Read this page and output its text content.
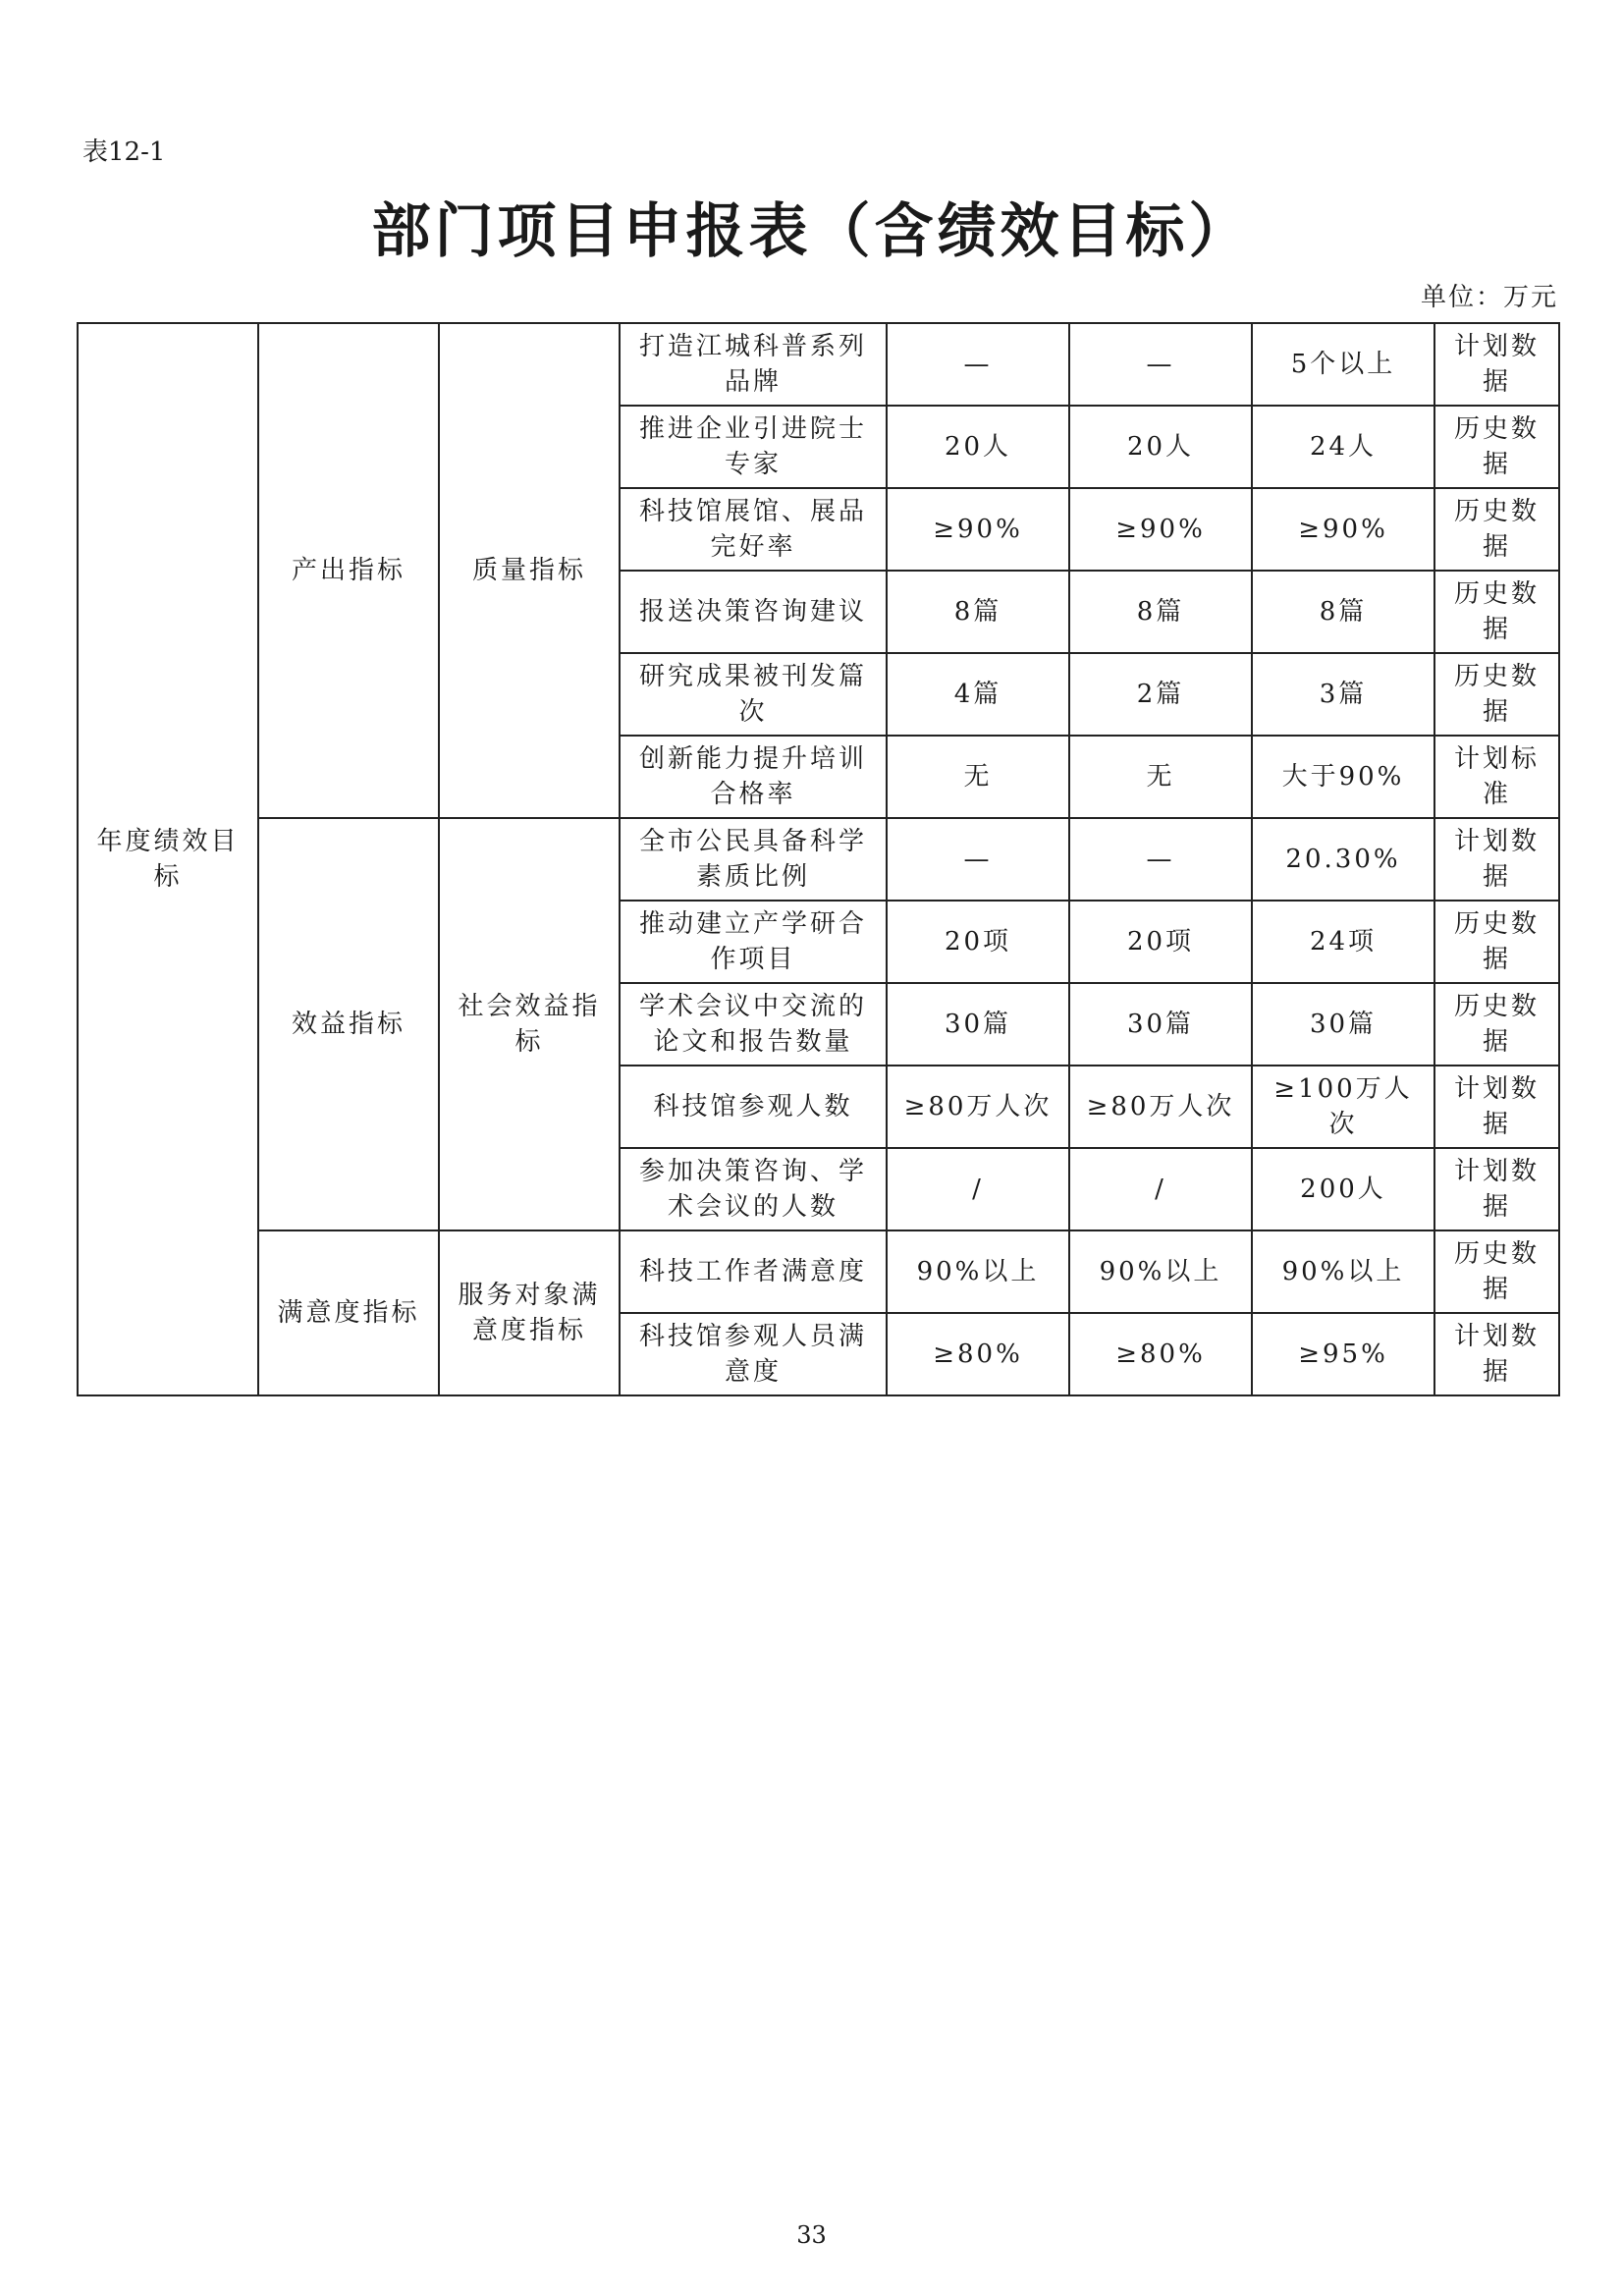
表12-1
部门项目申报表（含绩效目标）
单位：万元
年度绩效目标	产出指标	质量指标	打造江城科普系列品牌	—	—	5个以上	计划数据
			推进企业引进院士专家	20人	20人	24人	历史数据
			科技馆展馆、展品完好率	≥90%	≥90%	≥90%	历史数据
			报送决策咨询建议	8篇	8篇	8篇	历史数据
			研究成果被刊发篇次	4篇	2篇	3篇	历史数据
			创新能力提升培训合格率	无	无	大于90%	计划标准
	效益指标	社会效益指标	全市公民具备科学素质比例	—	—	20.30%	计划数据
			推动建立产学研合作项目	20项	20项	24项	历史数据
			学术会议中交流的论文和报告数量	30篇	30篇	30篇	历史数据
			科技馆参观人数	≥80万人次	≥80万人次	≥100万人次	计划数据
			参加决策咨询、学术会议的人数	/	/	200人	计划数据
	满意度指标	服务对象满意度指标	科技工作者满意度	90%以上	90%以上	90%以上	历史数据
			科技馆参观人员满意度	≥80%	≥80%	≥95%	计划数据
33
